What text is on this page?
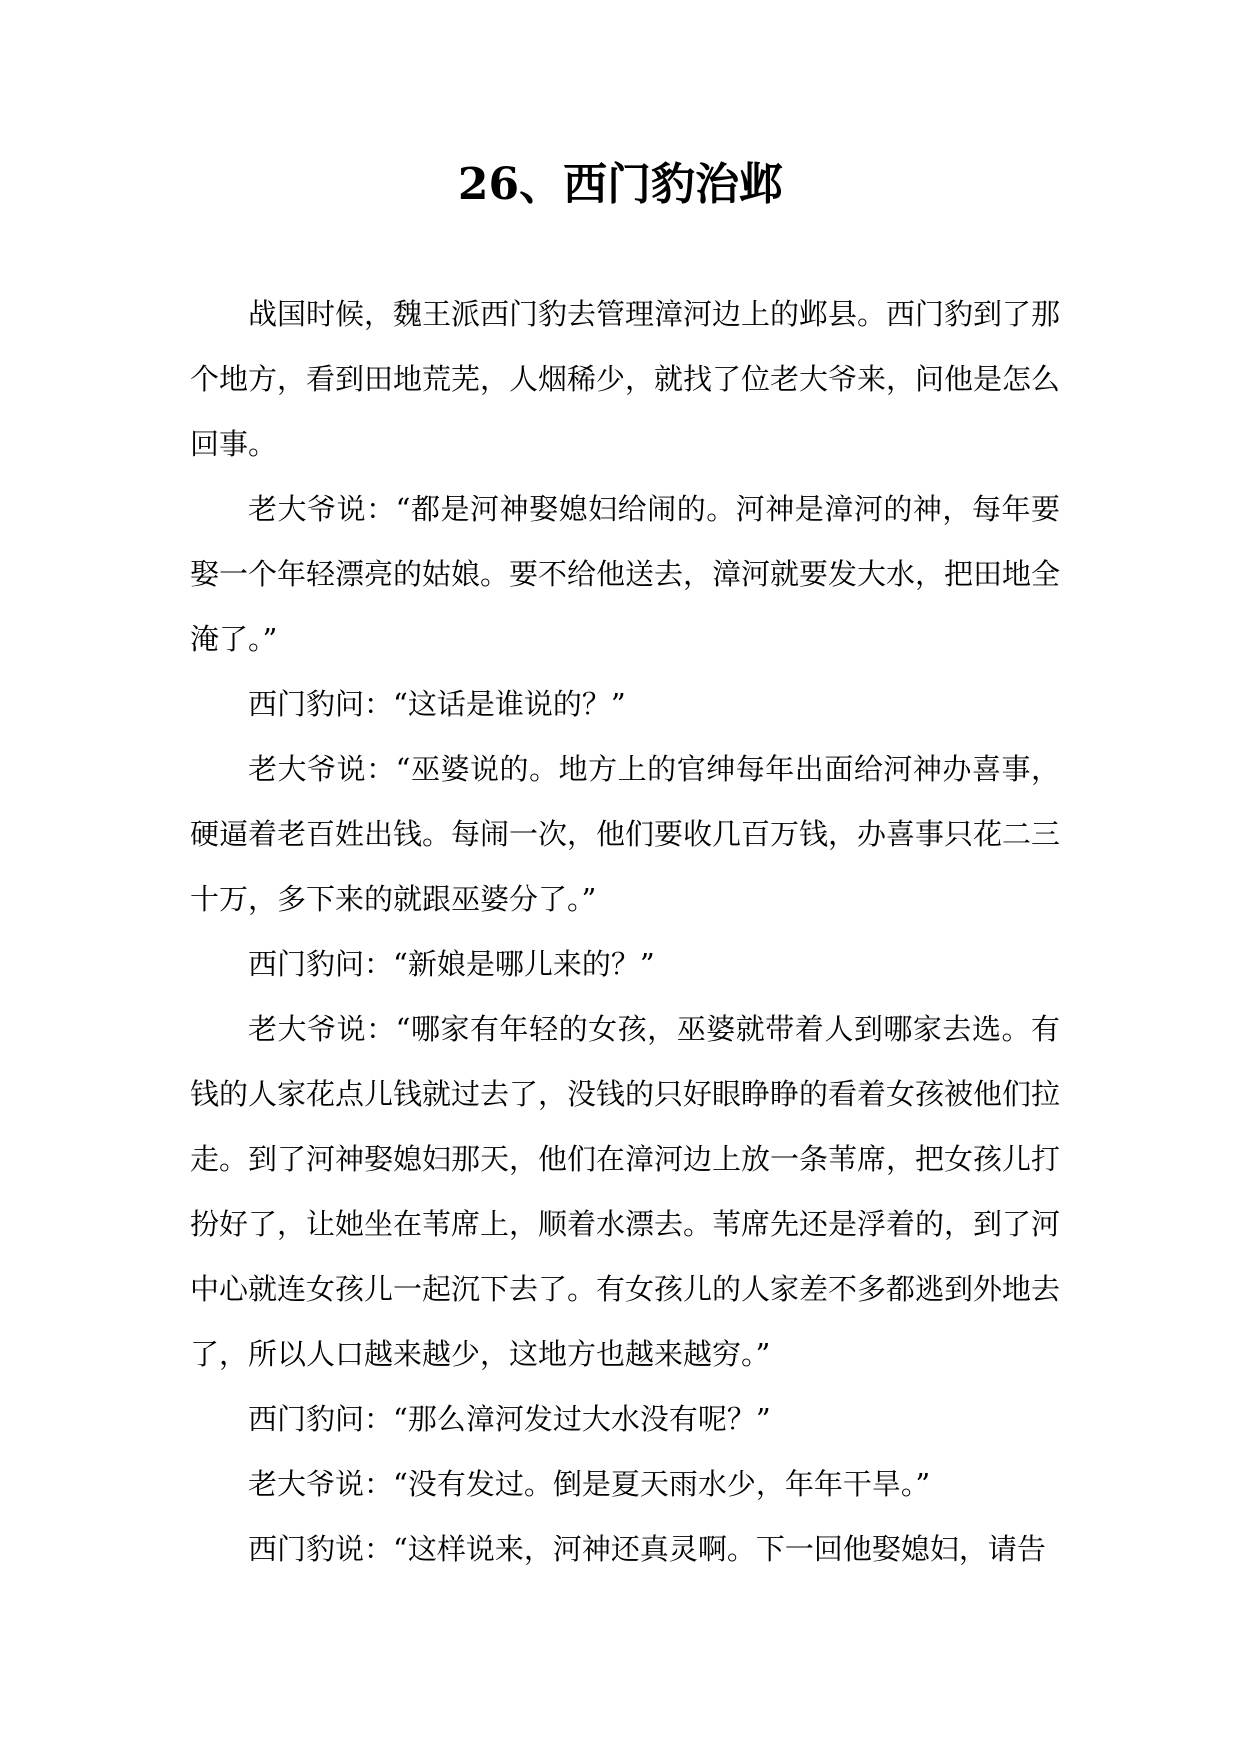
26、西门豹治邺

战国时候，魏王派西门豹去管理漳河边上的邺县。西门豹到了那个地方，看到田地荒芜，人烟稀少，就找了位老大爷来，问他是怎么回事。

老大爷说：“都是河神娶媳妇给闹的。河神是漳河的神，每年要娶一个年轻漂亮的姑娘。要不给他送去，漳河就要发大水，把田地全淹了。”

西门豹问：“这话是谁说的？”

老大爷说：“巫婆说的。地方上的官绅每年出面给河神办喜事，硬逼着老百姓出钱。每闹一次，他们要收几百万钱，办喜事只花二三十万，多下来的就跟巫婆分了。”

西门豹问：“新娘是哪儿来的？”

老大爷说：“哪家有年轻的女孩，巫婆就带着人到哪家去选。有钱的人家花点儿钱就过去了，没钱的只好眼睁睁的看着女孩被他们拉走。到了河神娶媳妇那天，他们在漳河边上放一条苇席，把女孩儿打扮好了，让她坐在苇席上，顺着水漂去。苇席先还是浮着的，到了河中心就连女孩儿一起沉下去了。有女孩儿的人家差不多都逃到外地去了，所以人口越来越少，这地方也越来越穷。”

西门豹问：“那么漳河发过大水没有呢？”

老大爷说：“没有发过。倒是夏天雨水少，年年干旱。”

西门豹说：“这样说来，河神还真灵啊。下一回他娶媳妇，请告
